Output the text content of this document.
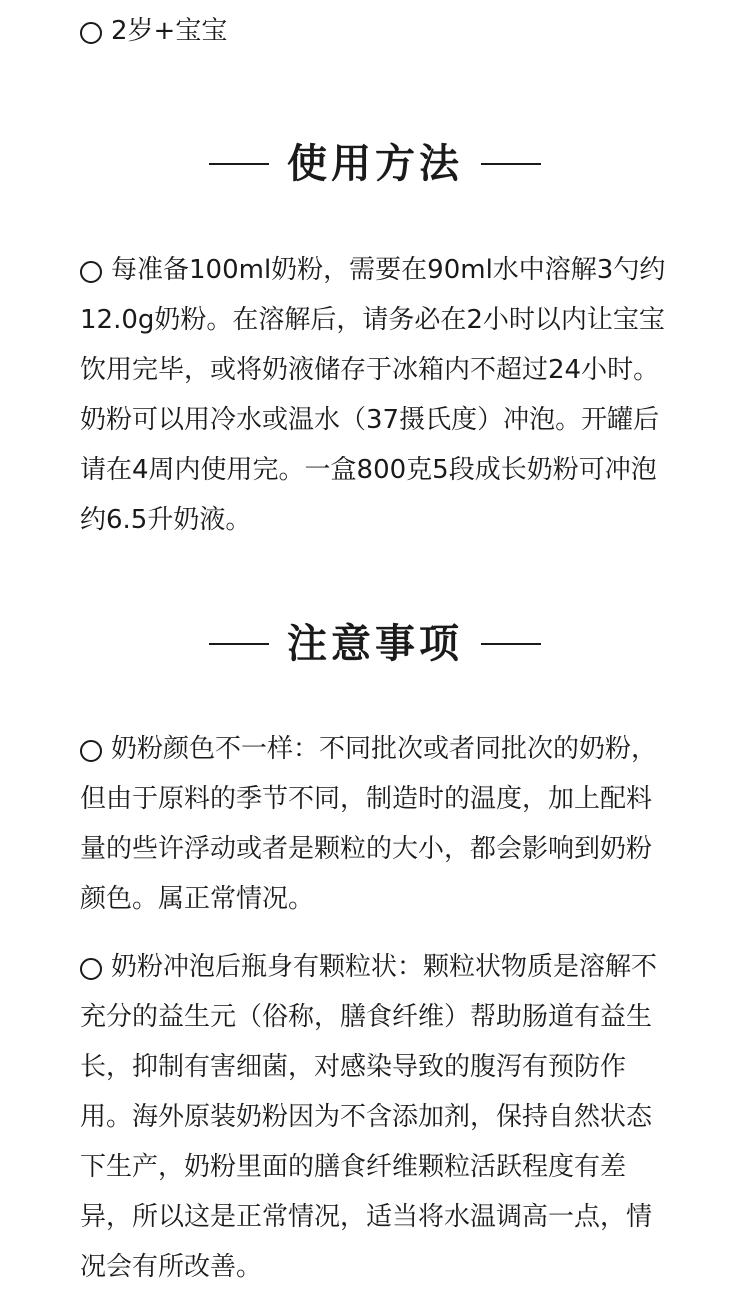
2岁+宝宝

使用方法

每准备100ml奶粉，需要在90ml水中溶解3勺约12.0g奶粉。在溶解后，请务必在2小时以内让宝宝饮用完毕，或将奶液储存于冰箱内不超过24小时。奶粉可以用冷水或温水（37摄氏度）冲泡。开罐后请在4周内使用完。一盒800克5段成长奶粉可冲泡约6.5升奶液。

注意事项

奶粉颜色不一样：不同批次或者同批次的奶粉，但由于原料的季节不同，制造时的温度，加上配料量的些许浮动或者是颗粒的大小，都会影响到奶粉颜色。属正常情况。

奶粉冲泡后瓶身有颗粒状：颗粒状物质是溶解不充分的益生元（俗称，膳食纤维）帮助肠道有益生长，抑制有害细菌，对感染导致的腹泻有预防作用。海外原装奶粉因为不含添加剂，保持自然状态下生产，奶粉里面的膳食纤维颗粒活跃程度有差异，所以这是正常情况，适当将水温调高一点，情况会有所改善。
